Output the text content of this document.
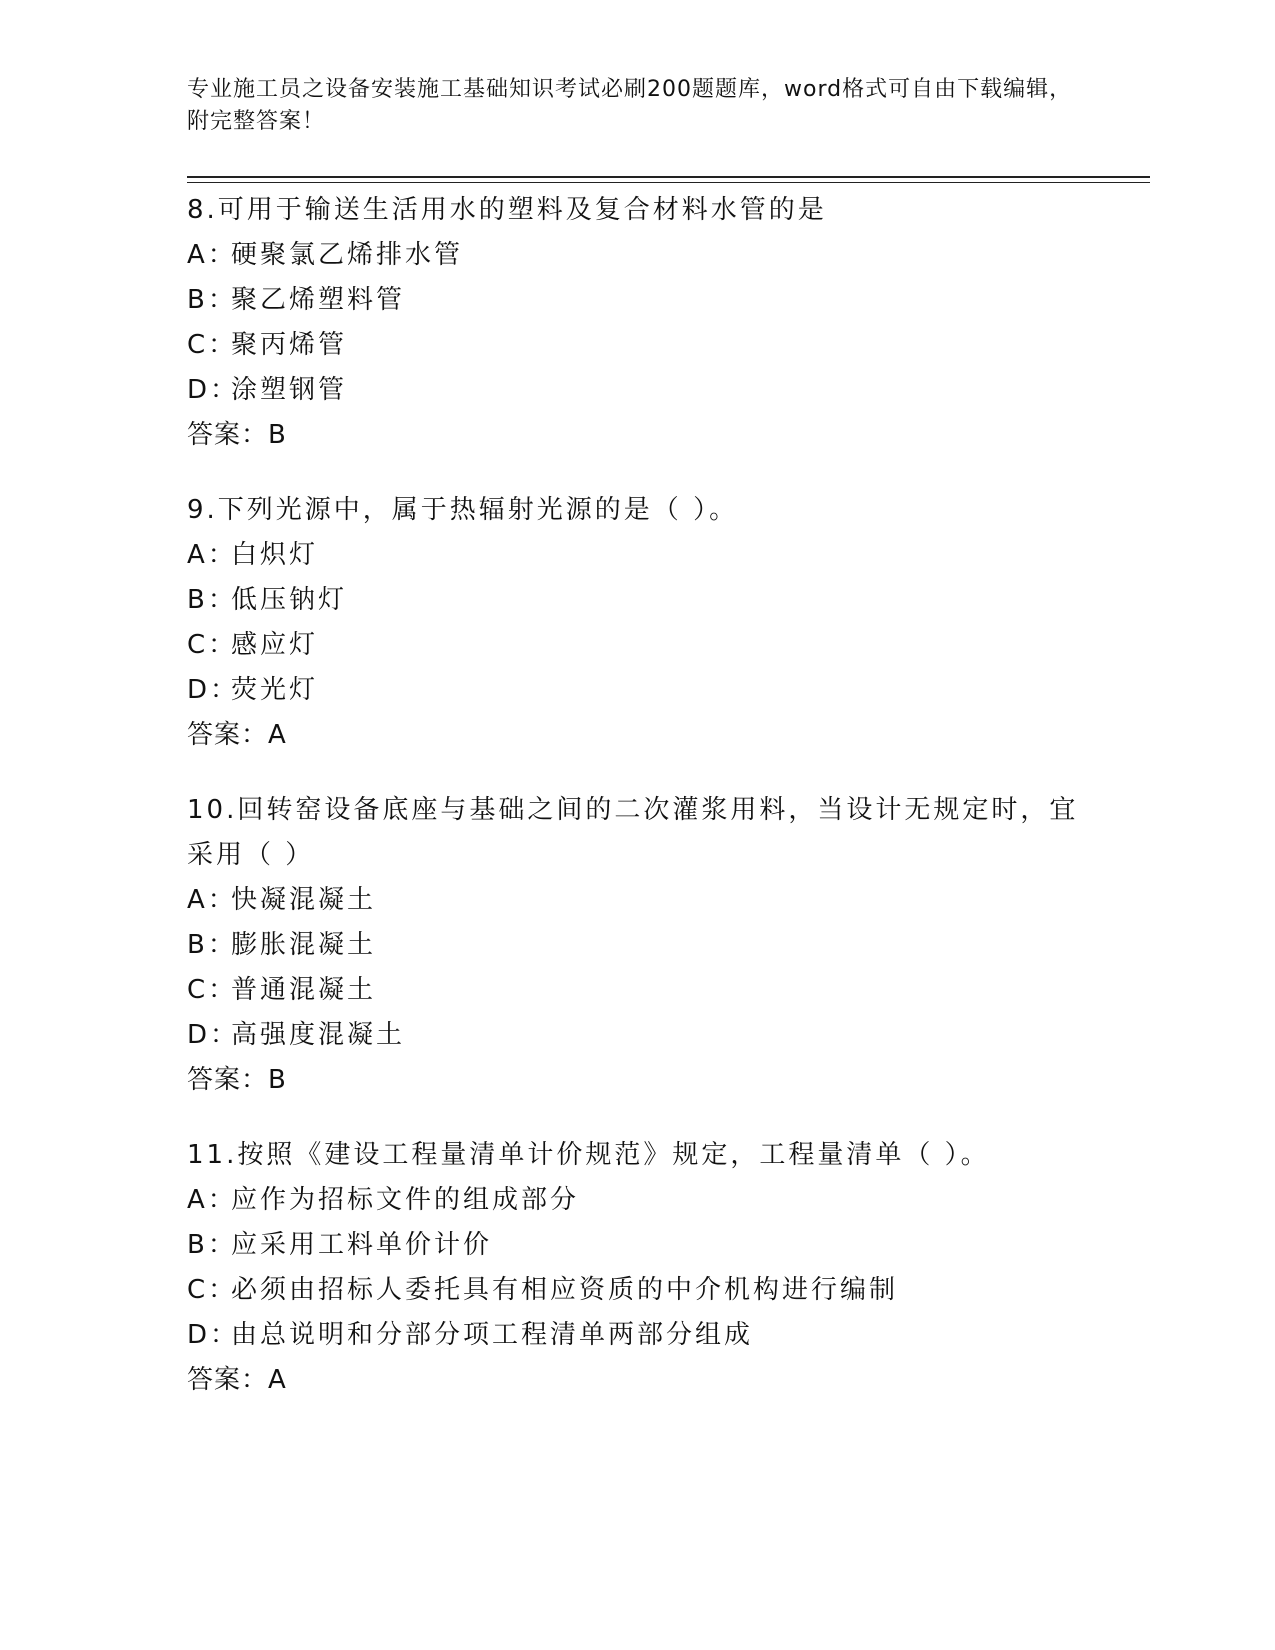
专业施工员之设备安装施工基础知识考试必刷200题题库，word格式可自由下载编辑，附完整答案！

8.可用于输送生活用水的塑料及复合材料水管的是

A：硬聚氯乙烯排水管

B：聚乙烯塑料管

C：聚丙烯管

D：涂塑钢管

答案：B

9.下列光源中，属于热辐射光源的是（ ）。

A：白炽灯

B：低压钠灯

C：感应灯

D：荧光灯

答案：A

10.回转窑设备底座与基础之间的二次灌浆用料，当设计无规定时，宜采用（ ）

A：快凝混凝土

B：膨胀混凝土

C：普通混凝土

D：高强度混凝土

答案：B

11.按照《建设工程量清单计价规范》规定，工程量清单（ ）。

A：应作为招标文件的组成部分

B：应采用工料单价计价

C：必须由招标人委托具有相应资质的中介机构进行编制

D：由总说明和分部分项工程清单两部分组成

答案：A
